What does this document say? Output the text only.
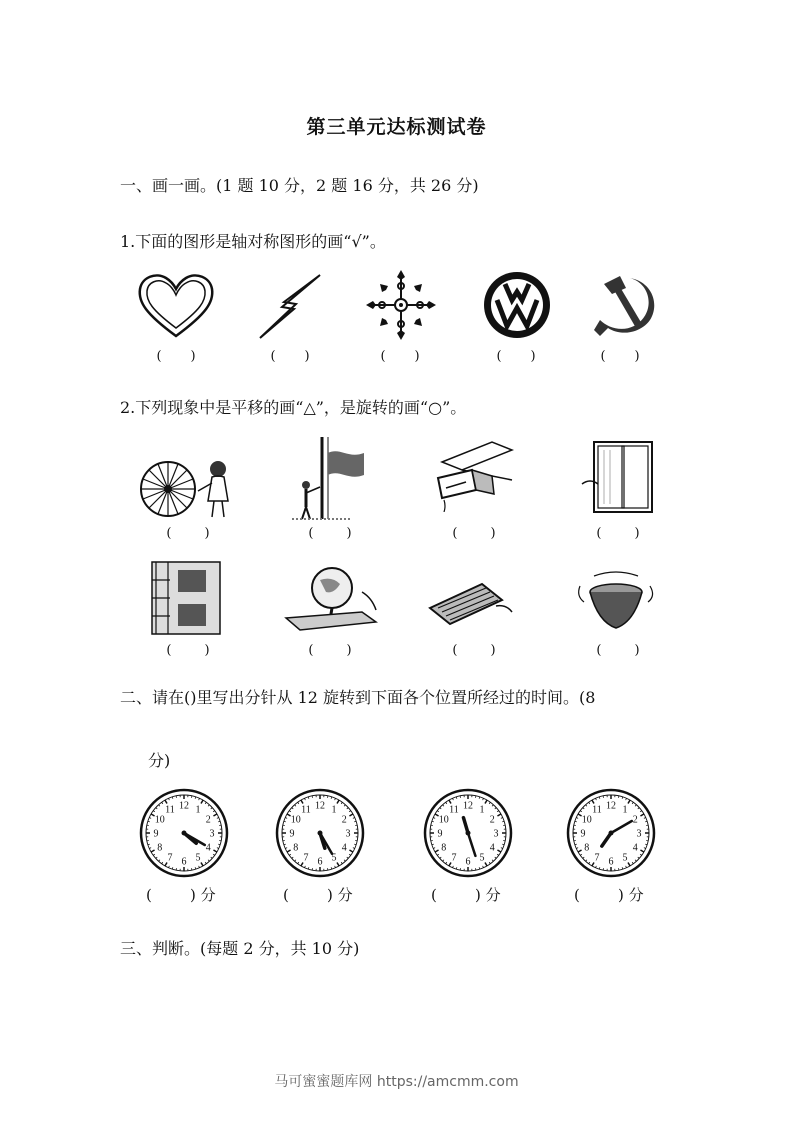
第三单元达标测试卷
一、画一画。(1 题 10 分，2 题 16 分，共 26 分)
1.下面的图形是轴对称图形的画“√”。
(       )	(       )	(       )	(       )	(       )
2.下列现象中是平移的画“△”，是旋转的画“○”。
(        )	(        )	(        )	(        )
(        )	(        )	(        )	(        )
二、请在()里写出分针从 12 旋转到下面各个位置所经过的时间。(8
分)
12 1
2
3
4
5
6
7
8
9
10
11	12 1
2
3
4
5
6
7
8
9
10
11	12 1
2
3
4
5
6
7
8
9
10
11	12 1
2
3
4
5
6
7
8
9
10
11
(        ) 分	(        ) 分	(        ) 分	(        ) 分
三、判断。(每题 2 分，共 10 分)
马可蜜蜜题库网 https://amcmm.com
